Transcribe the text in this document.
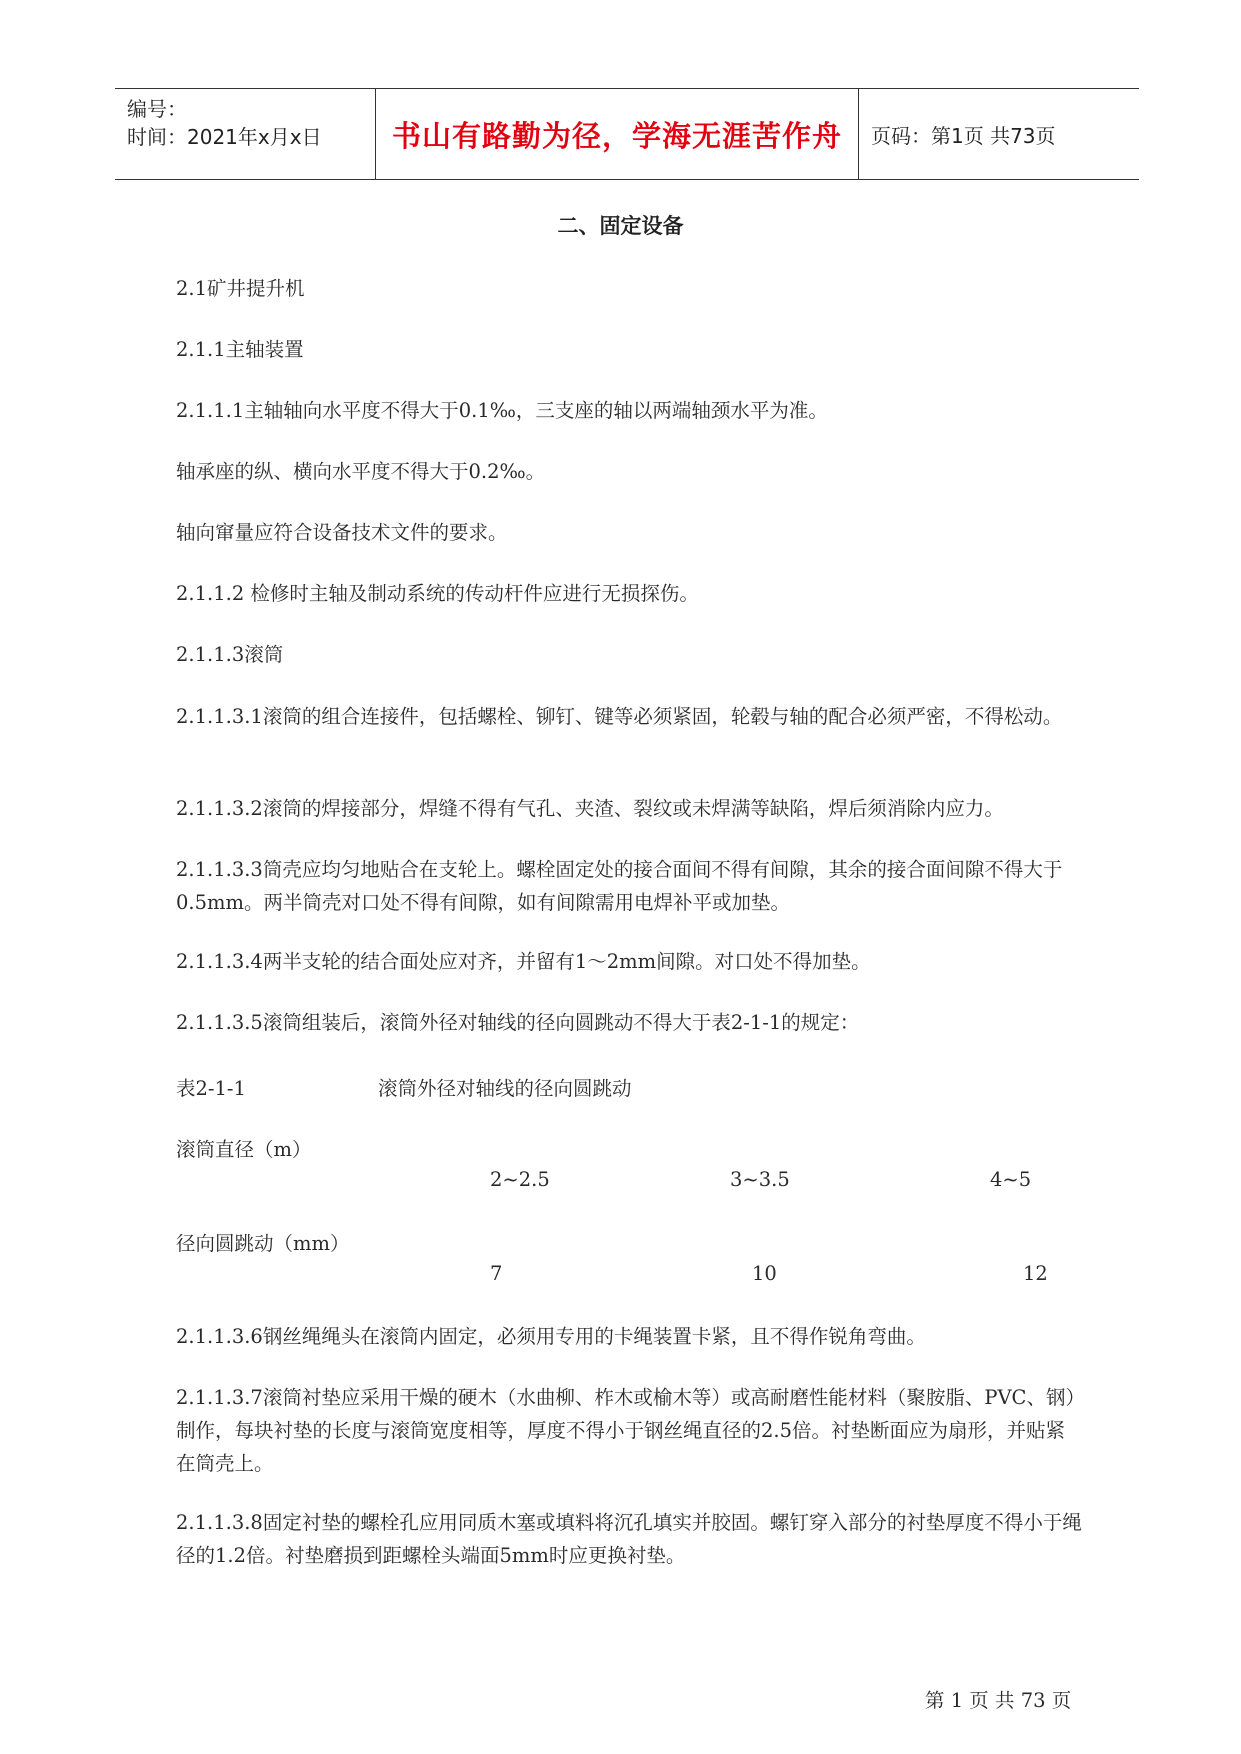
编号：
时间：2021年x月x日 书山有路勤为径，学海无涯苦作舟 页码：第1页 共73页
二、固定设备
2.1矿井提升机
2.1.1主轴装置
2.1.1.1主轴轴向水平度不得大于0.1‰，三支座的轴以两端轴颈水平为准。
轴承座的纵、横向水平度不得大于0.2‰。
轴向窜量应符合设备技术文件的要求。
2.1.1.2 检修时主轴及制动系统的传动杆件应进行无损探伤。
2.1.1.3滚筒
2.1.1.3.1滚筒的组合连接件，包括螺栓、铆钉、键等必须紧固，轮毂与轴的配合必须严密，不得松动。
2.1.1.3.2滚筒的焊接部分，焊缝不得有气孔、夹渣、裂纹或未焊满等缺陷，焊后须消除内应力。
2.1.1.3.3筒壳应均匀地贴合在支轮上。螺栓固定处的接合面间不得有间隙，其余的接合面间隙不得大于0.5mm。两半筒壳对口处不得有间隙，如有间隙需用电焊补平或加垫。
2.1.1.3.4两半支轮的结合面处应对齐，并留有1～2mm间隙。对口处不得加垫。
2.1.1.3.5滚筒组装后，滚筒外径对轴线的径向圆跳动不得大于表2-1-1的规定：
表2-1-1	滚筒外径对轴线的径向圆跳动
滚筒直径（m）
2~2.5	3~3.5	4~5
径向圆跳动（mm）
7	10	12
2.1.1.3.6钢丝绳绳头在滚筒内固定，必须用专用的卡绳装置卡紧，且不得作锐角弯曲。
2.1.1.3.7滚筒衬垫应采用干燥的硬木（水曲柳、柞木或榆木等）或高耐磨性能材料（聚胺脂、PVC、钢）制作，每块衬垫的长度与滚筒宽度相等，厚度不得小于钢丝绳直径的2.5倍。衬垫断面应为扇形，并贴紧在筒壳上。
2.1.1.3.8固定衬垫的螺栓孔应用同质木塞或填料将沉孔填实并胶固。螺钉穿入部分的衬垫厚度不得小于绳径的1.2倍。衬垫磨损到距螺栓头端面5mm时应更换衬垫。
第 1 页 共 73 页
